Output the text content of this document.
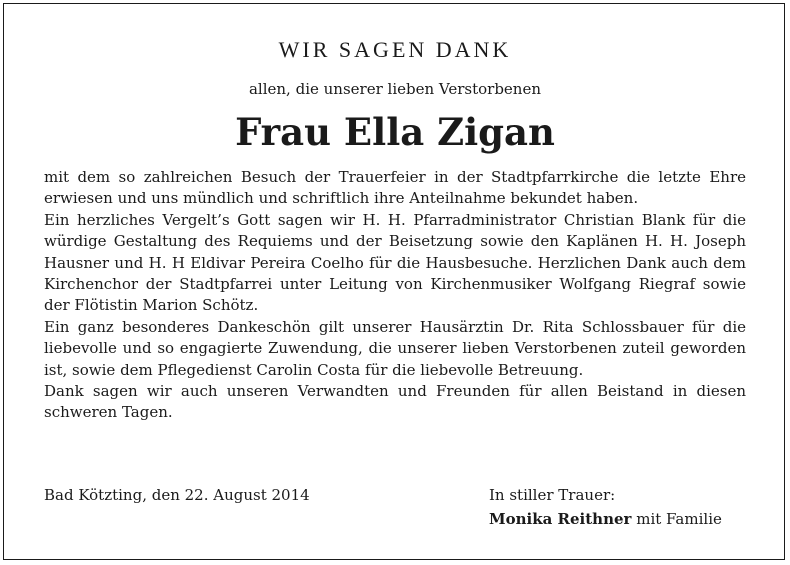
WIR SAGEN DANK
allen, die unserer lieben Verstorbenen
Frau Ella Zigan

mit dem so zahlreichen Besuch der Trauerfeier in der Stadtpfarrkirche die letzte Ehre erwiesen und uns mündlich und schriftlich ihre Anteilnahme bekundet haben.

Ein herzliches Vergelt’s Gott sagen wir H. H. Pfarradministrator Christian Blank für die würdige Gestaltung des Requiems und der Beisetzung sowie den Kaplänen H. H. Joseph Hausner und H. H Eldivar Pereira Coelho für die Hausbesuche. Herzlichen Dank auch dem Kirchenchor der Stadtpfarrei unter Leitung von Kirchenmusiker Wolfgang Riegraf sowie der Flötistin Marion Schötz.

Ein ganz besonderes Dankeschön gilt unserer Hausärztin Dr. Rita Schlossbauer für die liebevolle und so engagierte Zuwendung, die unserer lieben Verstorbenen zuteil geworden ist, sowie dem Pflegedienst Carolin Costa für die liebevolle Betreuung.

Dank sagen wir auch unseren Verwandten und Freunden für allen Beistand in diesen schweren Tagen.

Bad Kötzting, den 22. August 2014	In stiller Trauer:
Monika Reithner mit Familie
